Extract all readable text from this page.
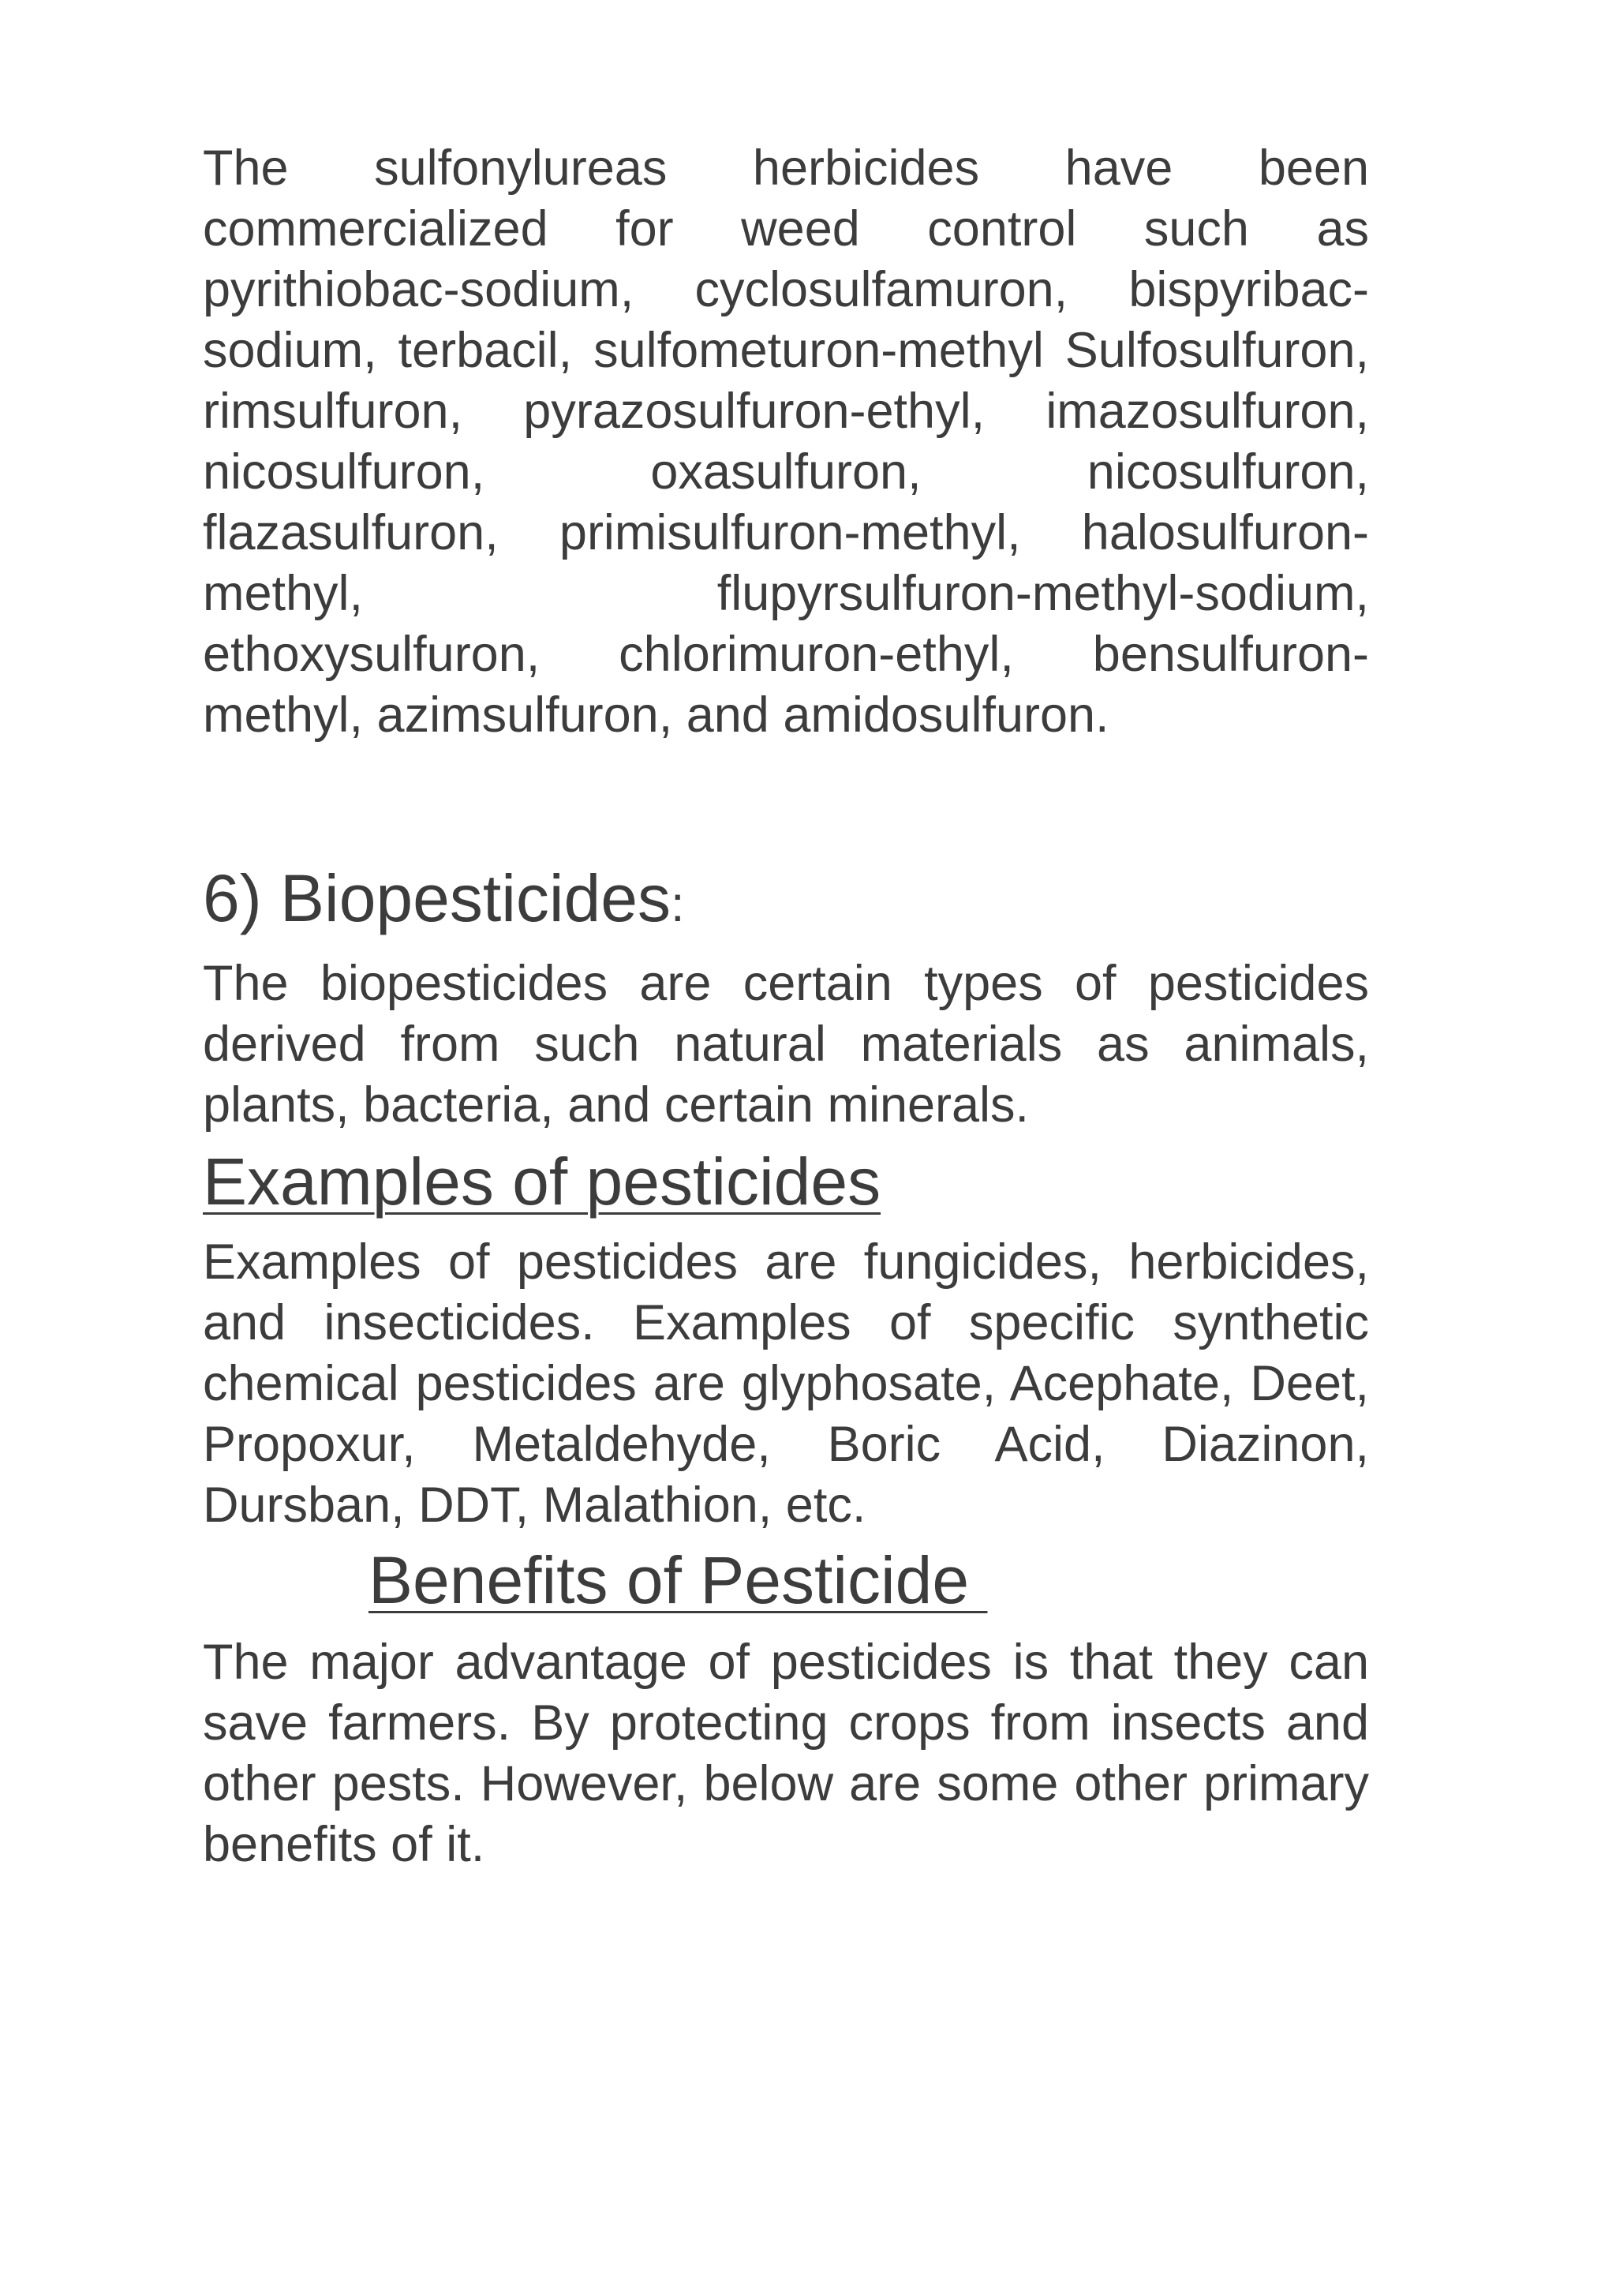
The sulfonylureas herbicides have been commercialized for weed control such as pyrithiobac-sodium, cyclosulfamuron, bispyribac-sodium, terbacil, sulfometuron-methyl Sulfosulfuron, rimsulfuron, pyrazosulfuron-ethyl, imazosulfuron, nicosulfuron, oxasulfuron, nicosulfuron, flazasulfuron, primisulfuron-methyl, halosulfuron-methyl, flupyrsulfuron-methyl-sodium, ethoxysulfuron, chlorimuron-ethyl, bensulfuron-methyl, azimsulfuron, and amidosulfuron.

6) Biopesticides:

The biopesticides are certain types of pesticides derived from such natural materials as animals, plants, bacteria, and certain minerals.

Examples of pesticides

Examples of pesticides are fungicides, herbicides, and insecticides. Examples of specific synthetic chemical pesticides are glyphosate, Acephate, Deet, Propoxur, Metaldehyde, Boric Acid, Diazinon, Dursban, DDT, Malathion, etc.

Benefits of Pesticide

The major advantage of pesticides is that they can save farmers. By protecting crops from insects and other pests. However, below are some other primary benefits of it.
